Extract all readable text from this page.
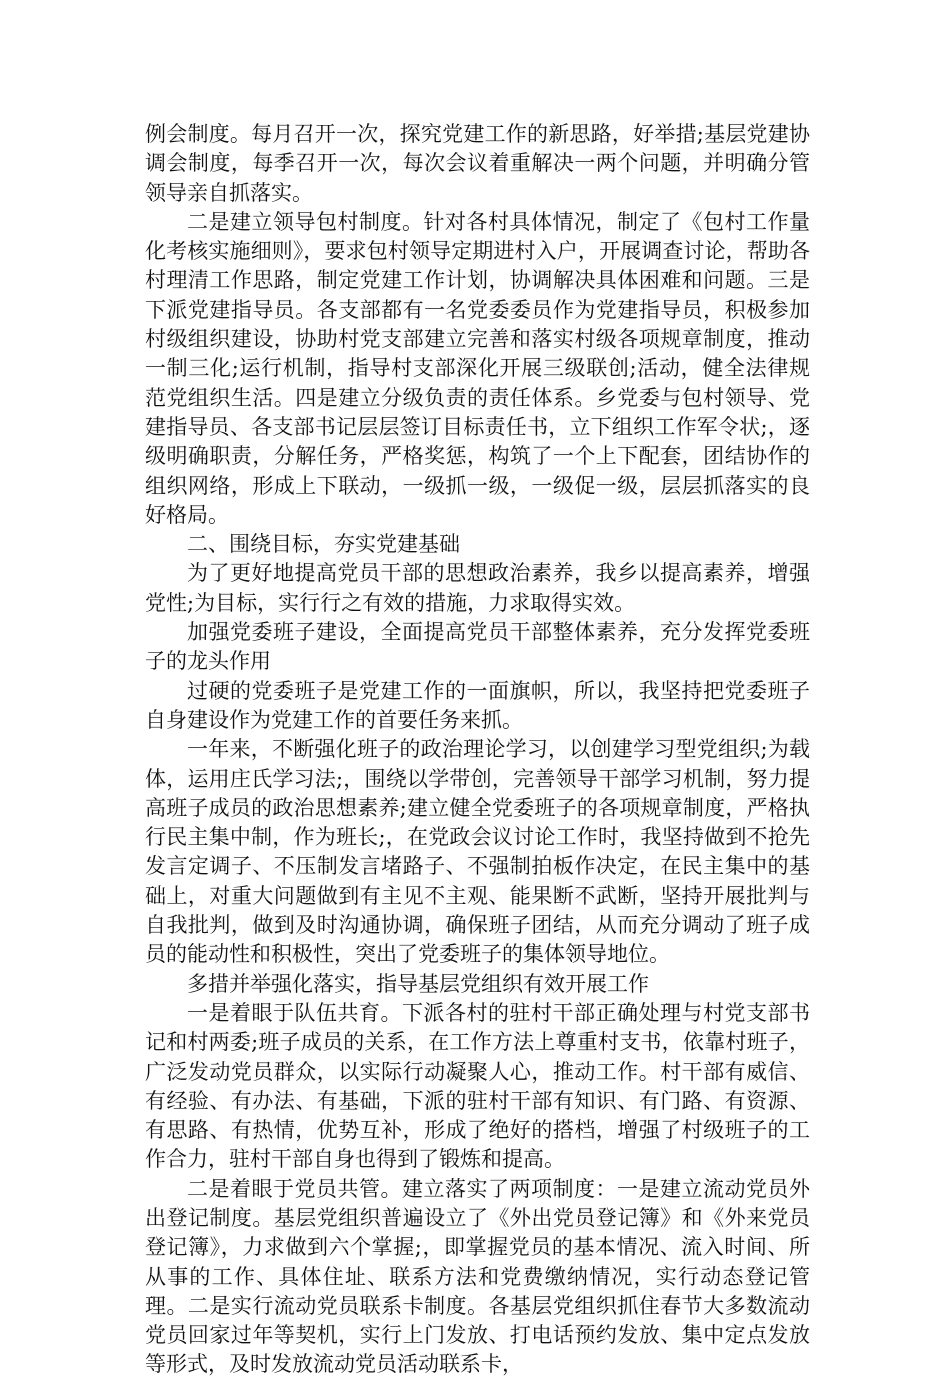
例会制度。每月召开一次，探究党建工作的新思路，好举措;基层党建协调会制度，每季召开一次，每次会议着重解决一两个问题，并明确分管领导亲自抓落实。

二是建立领导包村制度。针对各村具体情况，制定了《包村工作量化考核实施细则》，要求包村领导定期进村入户，开展调查讨论，帮助各村理清工作思路，制定党建工作计划，协调解决具体困难和问题。三是下派党建指导员。各支部都有一名党委委员作为党建指导员，积极参加村级组织建设，协助村党支部建立完善和落实村级各项规章制度，推动一制三化;运行机制，指导村支部深化开展三级联创;活动，健全法律规范党组织生活。四是建立分级负责的责任体系。乡党委与包村领导、党建指导员、各支部书记层层签订目标责任书，立下组织工作军令状;，逐级明确职责，分解任务，严格奖惩，构筑了一个上下配套，团结协作的组织网络，形成上下联动，一级抓一级，一级促一级，层层抓落实的良好格局。

二、围绕目标，夯实党建基础

为了更好地提高党员干部的思想政治素养，我乡以提高素养，增强党性;为目标，实行行之有效的措施，力求取得实效。

加强党委班子建设，全面提高党员干部整体素养，充分发挥党委班子的龙头作用

过硬的党委班子是党建工作的一面旗帜，所以，我坚持把党委班子自身建设作为党建工作的首要任务来抓。

一年来，不断强化班子的政治理论学习，以创建学习型党组织;为载体，运用庄氏学习法;，围绕以学带创，完善领导干部学习机制，努力提高班子成员的政治思想素养;建立健全党委班子的各项规章制度，严格执行民主集中制，作为班长;，在党政会议讨论工作时，我坚持做到不抢先发言定调子、不压制发言堵路子、不强制拍板作决定，在民主集中的基础上，对重大问题做到有主见不主观、能果断不武断，坚持开展批判与自我批判，做到及时沟通协调，确保班子团结，从而充分调动了班子成员的能动性和积极性，突出了党委班子的集体领导地位。

多措并举强化落实，指导基层党组织有效开展工作

一是着眼于队伍共育。下派各村的驻村干部正确处理与村党支部书记和村两委;班子成员的关系，在工作方法上尊重村支书，依靠村班子，广泛发动党员群众，以实际行动凝聚人心，推动工作。村干部有威信、有经验、有办法、有基础，下派的驻村干部有知识、有门路、有资源、有思路、有热情，优势互补，形成了绝好的搭档，增强了村级班子的工作合力，驻村干部自身也得到了锻炼和提高。

二是着眼于党员共管。建立落实了两项制度：一是建立流动党员外出登记制度。基层党组织普遍设立了《外出党员登记簿》和《外来党员登记簿》，力求做到六个掌握;，即掌握党员的基本情况、流入时间、所从事的工作、具体住址、联系方法和党费缴纳情况，实行动态登记管理。二是实行流动党员联系卡制度。各基层党组织抓住春节大多数流动党员回家过年等契机，实行上门发放、打电话预约发放、集中定点发放等形式，及时发放流动党员活动联系卡，
